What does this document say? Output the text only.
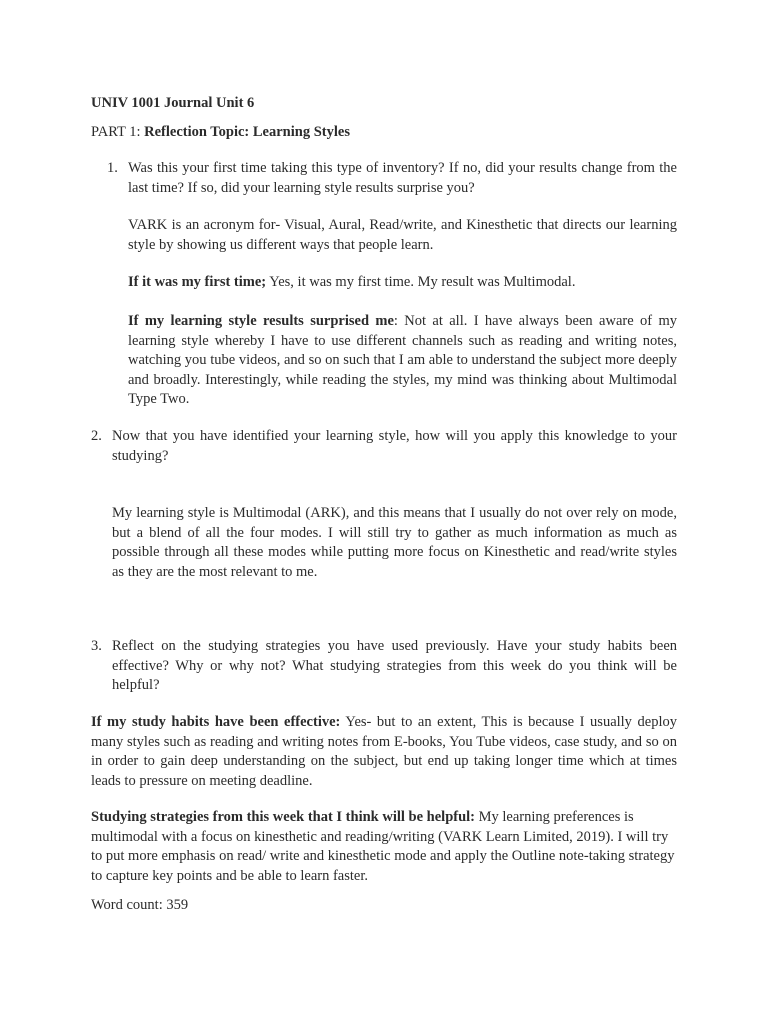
UNIV 1001 Journal Unit 6
PART 1: Reflection Topic: Learning Styles
1. Was this your first time taking this type of inventory? If no, did your results change from the last time? If so, did your learning style results surprise you?
VARK is an acronym for- Visual, Aural, Read/write, and Kinesthetic that directs our learning style by showing us different ways that people learn.
If it was my first time; Yes, it was my first time. My result was Multimodal.
If my learning style results surprised me: Not at all. I have always been aware of my learning style whereby I have to use different channels such as reading and writing notes, watching you tube videos, and so on such that I am able to understand the subject more deeply and broadly. Interestingly, while reading the styles, my mind was thinking about Multimodal Type Two.
2. Now that you have identified your learning style, how will you apply this knowledge to your studying?
My learning style is Multimodal (ARK), and this means that I usually do not over rely on mode, but a blend of all the four modes. I will still try to gather as much information as much as possible through all these modes while putting more focus on Kinesthetic and read/write styles as they are the most relevant to me.
3. Reflect on the studying strategies you have used previously. Have your study habits been effective? Why or why not? What studying strategies from this week do you think will be helpful?
If my study habits have been effective: Yes- but to an extent, This is because I usually deploy many styles such as reading and writing notes from E-books, You Tube videos, case study, and so on in order to gain deep understanding on the subject, but end up taking longer time which at times leads to pressure on meeting deadline.
Studying strategies from this week that I think will be helpful: My learning preferences is multimodal with a focus on kinesthetic and reading/writing (VARK Learn Limited, 2019). I will try to put more emphasis on read/ write and kinesthetic mode and apply the Outline note-taking strategy to capture key points and be able to learn faster.
Word count: 359
